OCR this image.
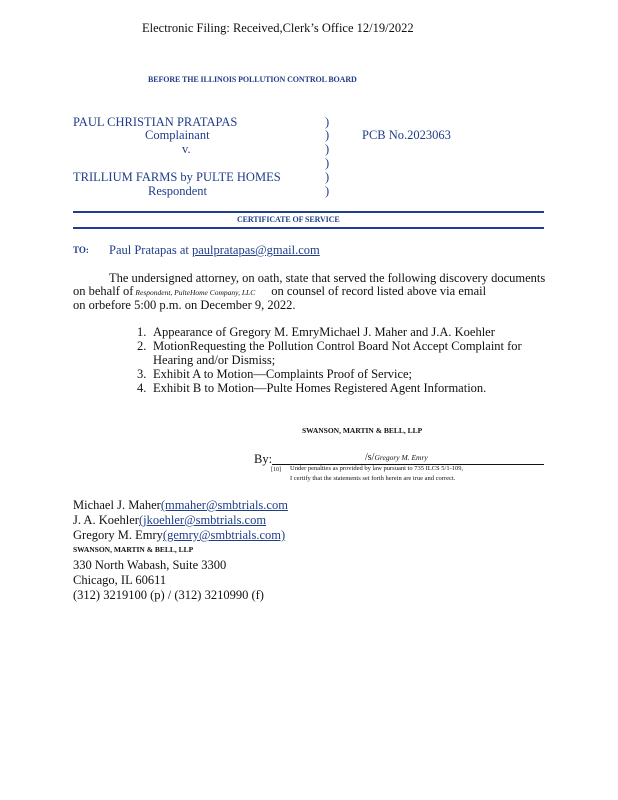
Electronic Filing: Received,Clerk’s Office 12/19/2022
BEFORE THE ILLINOIS POLLUTION CONTROL BOARD
PAUL CHRISTIAN PRATAPAS
Complainant
v.
TRILLIUM FARMS by PULTE HOMES
Respondent
)
)
)
)
)
)
PCB No.2023063
CERTIFICATE OF SERVICE
TO: Paul Pratapas at paulpratapas@gmail.com
The undersigned attorney, on oath, state that served the following discovery documents
on behalf of Respondent, PulteHome Company, LLC on counsel of record listed above via email
on orbefore 5:00 p.m. on December 9, 2022.
1. Appearance of Gregory M. EmryMichael J. Maher and J.A. Koehler
2. MotionRequesting the Pollution Control Board Not Accept Complaint for
Hearing and/or Dismiss;
3. Exhibit A to Motion—Complaints Proof of Service;
4. Exhibit B to Motion—Pulte Homes Registered Agent Information.
SWANSON, MARTIN & BELL, LLP
By:	/s/Gregory M. Emry
[10] Under penalties as provided by law pursuant to 735 ILCS 5/1-109,
I certify that the statements set forth herein are true and correct.
Michael J. Maher(mmaher@smbtrials.com
J. A. Koehler(jkoehler@smbtrials.com
Gregory M. Emry(gemry@smbtrials.com)
SWANSON, MARTIN & BELL, LLP
330 North Wabash, Suite 3300
Chicago, IL 60611
(312) 3219100 (p) / (312) 3210990 (f)
